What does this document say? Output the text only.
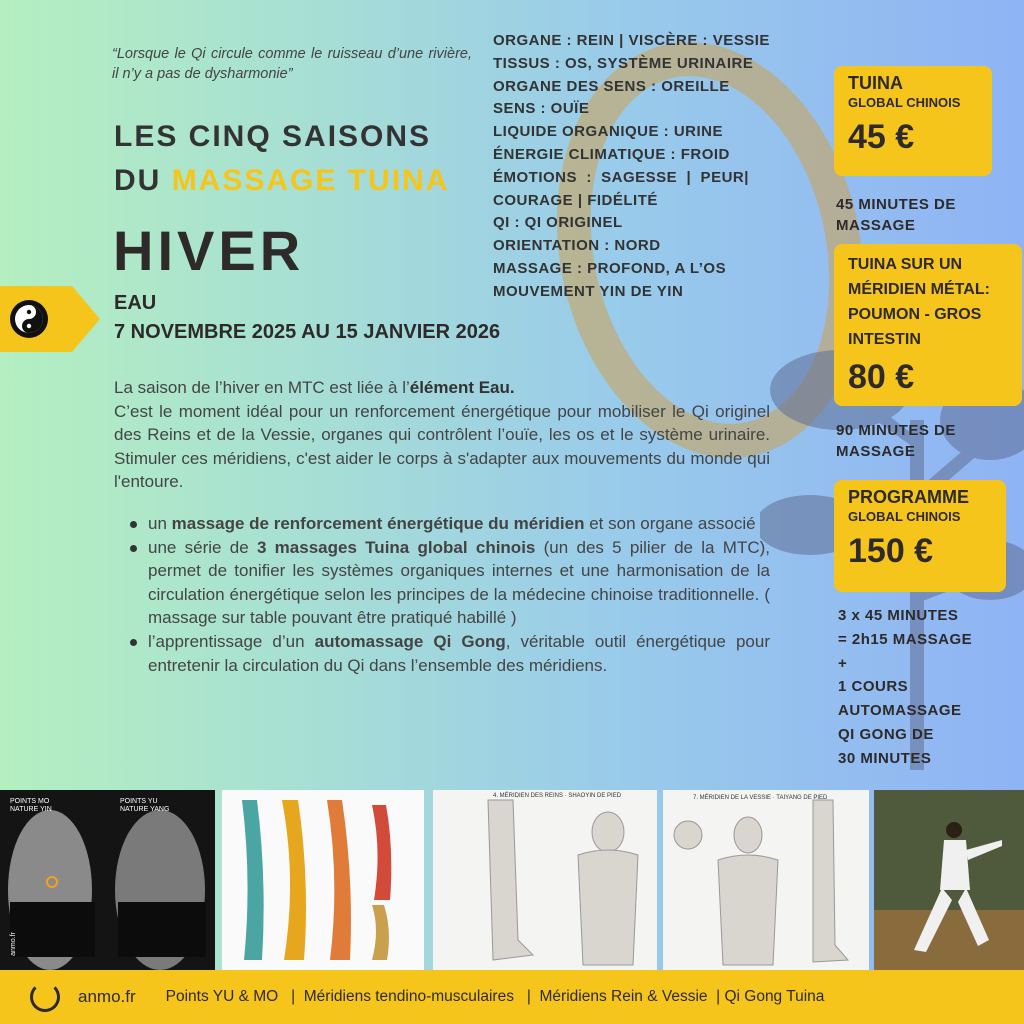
“Lorsque le Qi circule comme le ruisseau d’une rivière, il n’y a pas de dysharmonie”
LES CINQ SAISONS
DU MASSAGE TUINA
HIVER
EAU
7 NOVEMBRE 2025 AU 15 JANVIER 2026
ORGANE : REIN | VISCÈRE : VESSIE
TISSUS : OS, SYSTÈME URINAIRE
ORGANE DES SENS : OREILLE
SENS : OUÏE
LIQUIDE ORGANIQUE : URINE
ÉNERGIE CLIMATIQUE : FROID
ÉMOTIONS  :  SAGESSE  |  PEUR|
COURAGE | FIDÉLITÉ
QI : QI ORIGINEL
ORIENTATION : NORD
MASSAGE : PROFOND, A L’OS
MOUVEMENT YIN DE YIN
La saison de l’hiver en MTC est liée à l’élément Eau.
C’est le moment idéal pour un renforcement énergétique pour mobiliser le Qi originel des Reins et de la Vessie, organes qui contrôlent l’ouïe, les os et le système urinaire. Stimuler ces méridiens, c'est aider le corps à s'adapter aux mouvements du monde qui l'entoure.
un massage de renforcement énergétique du méridien et son organe associé
une série de 3 massages Tuina global chinois (un des 5 pilier de la MTC), permet de tonifier les systèmes organiques internes et une harmonisation de la circulation énergétique selon les principes de la médecine chinoise traditionnelle. ( massage sur table pouvant être pratiqué habillé )
l’apprentissage d’un automassage Qi Gong, véritable outil énergétique pour entretenir la circulation du Qi dans l’ensemble des méridiens.
TUINA
GLOBAL CHINOIS
45 €
45 MINUTES DE
MASSAGE
TUINA SUR UN
MÉRIDIEN MÉTAL:
POUMON - GROS
INTESTIN
80 €
90 MINUTES DE
MASSAGE
PROGRAMME
GLOBAL CHINOIS
150 €
3 x 45 MINUTES
= 2h15 MASSAGE
+
1 COURS
AUTOMASSAGE
QI GONG DE
30 MINUTES
POINTS MO
NATURE YIN
POINTS YU
NATURE YANG
anmo.fr
4. MÉRIDIEN DES REINS · SHAOYIN DE PIED	7. MÉRIDIEN DE LA VESSIE · TAIYANG DE PIED
anmo.fr Points YU & MO   |  Méridiens tendino-musculaires   |  Méridiens Rein & Vessie  | Qi Gong Tuina
